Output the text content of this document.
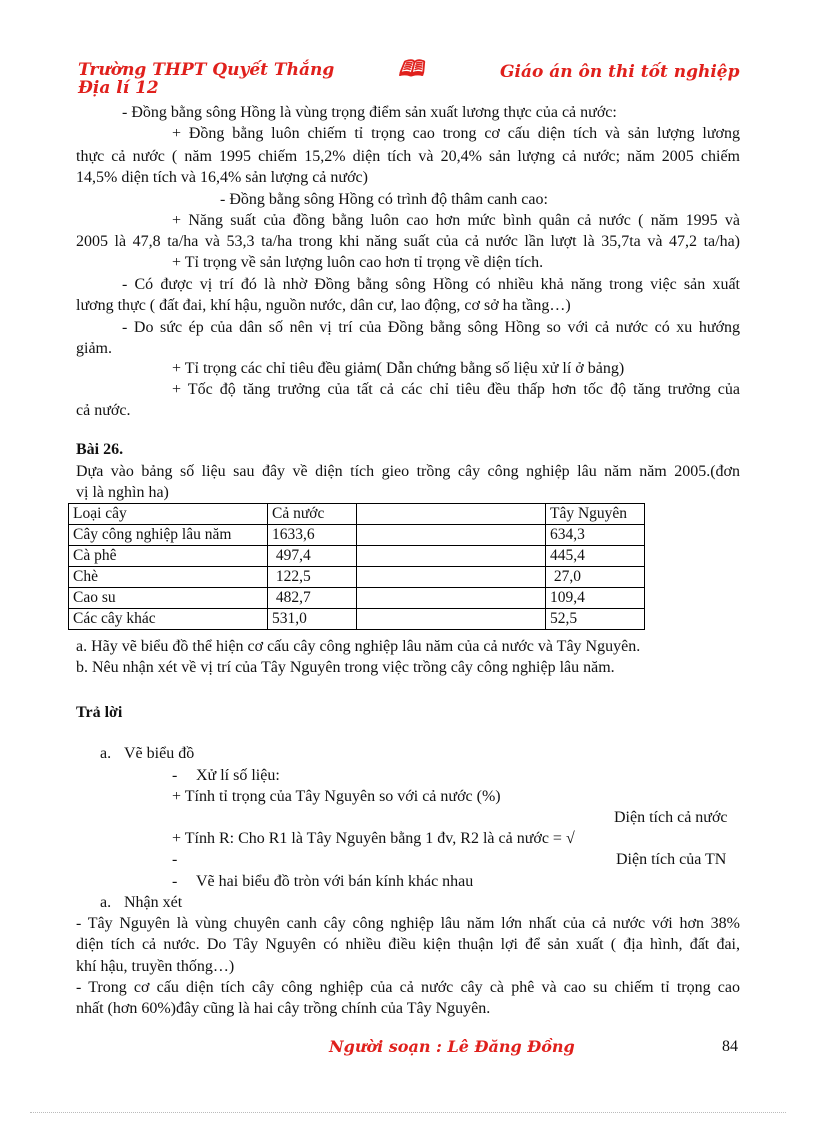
Trường THPT Quyết Thắng	🕮	Giáo án ôn thi tốt nghiệp
Địa lí 12
- Đồng bằng sông Hồng là vùng trọng điểm sản xuất lương thực của cả nước:
+ Đồng bằng luôn chiếm tỉ trọng cao trong cơ cấu diện tích và sản lượng lương
thực cả nước ( năm 1995 chiếm 15,2% diện tích và 20,4% sản lượng cả nước; năm 2005 chiếm
14,5% diện tích và 16,4% sản lượng cả nước)
- Đồng bằng sông Hồng có trình độ thâm canh cao:
+ Năng suất của đồng bằng luôn cao hơn mức bình quân cả nước ( năm 1995 và
2005 là 47,8 ta/ha và 53,3 ta/ha trong khi năng suất của cả nước lần lượt là 35,7ta và 47,2 ta/ha)
+ Tỉ trọng về sản lượng luôn cao hơn tỉ trọng về diện tích.
- Có được vị trí đó là nhờ Đồng bằng sông Hồng có nhiều khả năng trong việc sản xuất
lương thực ( đất đai, khí hậu, nguồn nước, dân cư, lao động, cơ sở ha tầng…)
- Do sức ép của dân số nên vị trí của Đồng bằng sông Hồng so với cả nước có xu hướng
giảm.
+ Tỉ trọng các chỉ tiêu đều giảm( Dẫn chứng bằng số liệu xử lí ở bảng)
+ Tốc độ tăng trưởng của tất cả các chỉ tiêu đều thấp hơn tốc độ tăng trưởng của
cả nước.
Bài 26.
Dựa vào bảng số liệu sau đây về diện tích gieo trồng cây công nghiệp lâu năm năm 2005.(đơn
vị là nghìn ha)
Loại cây	Cả nước		Tây Nguyên
Cây công nghiệp lâu năm	1633,6		634,3
Cà phê	497,4		445,4
Chè	122,5		27,0
Cao su	482,7		109,4
Các cây khác	531,0		52,5
a. Hãy vẽ biểu đồ thể hiện cơ cấu cây công nghiệp lâu năm của cả nước và Tây Nguyên.
b. Nêu nhận xét về vị trí của Tây Nguyên trong việc trồng cây công nghiệp lâu năm.
Trả lời
a. Vẽ biểu đồ
- Xử lí số liệu:
+ Tính tỉ trọng của Tây Nguyên so với cả nước (%)
Diện tích cả nước
+ Tính R: Cho R1 là Tây Nguyên bằng 1 đv, R2 là cả nước = √
-	Diện tích của TN
- Vẽ hai biểu đồ tròn với bán kính khác nhau
a. Nhận xét
- Tây Nguyên là vùng chuyên canh cây công nghiệp lâu năm lớn nhất của cả nước với hơn 38%
diện tích cả nước. Do Tây Nguyên có nhiều điều kiện thuận lợi để sản xuất ( địa hình, đất đai,
khí hậu, truyền thống…)
- Trong cơ cấu diện tích cây công nghiệp của cả nước cây cà phê và cao su chiếm tỉ trọng cao
nhất (hơn 60%)đây cũng là hai cây trồng chính của Tây Nguyên.
Người soạn : Lê Đăng Đồng	84
